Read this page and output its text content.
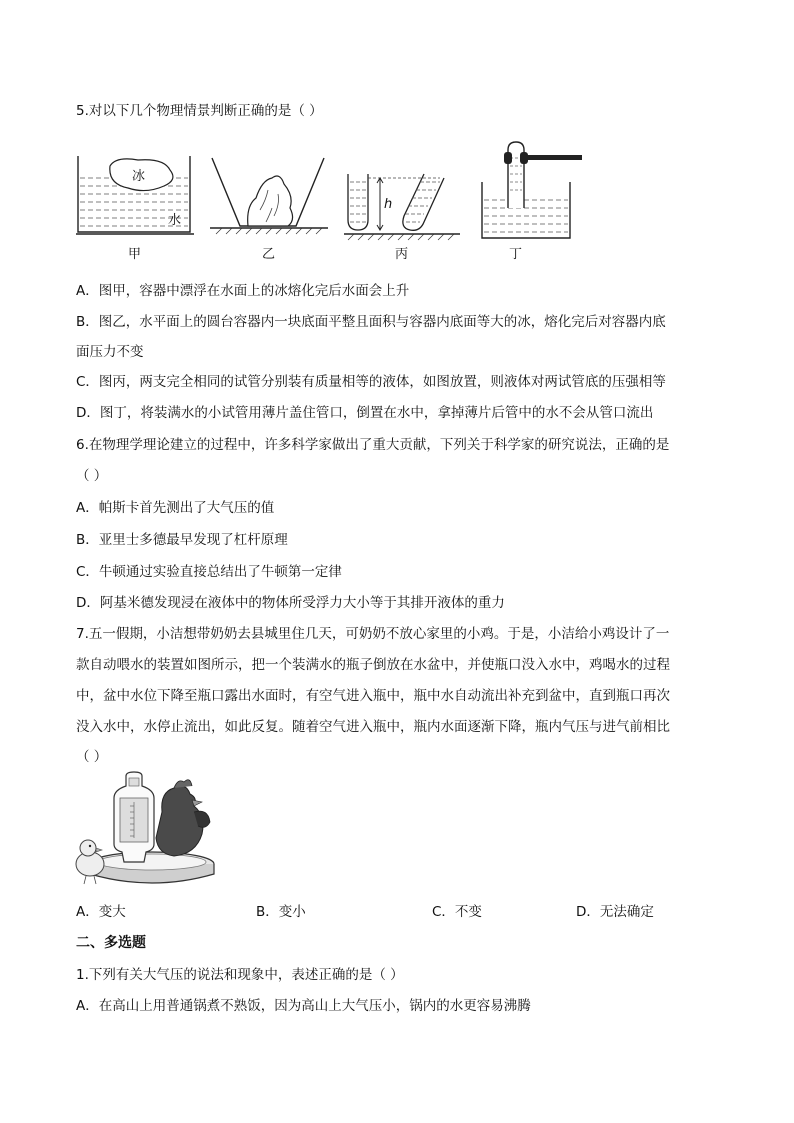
5.对以下几个物理情景判断正确的是（ ）
冰
水
甲	乙
h
丙	丁
A．图甲，容器中漂浮在水面上的冰熔化完后水面会上升
B．图乙，水平面上的圆台容器内一块底面平整且面积与容器内底面等大的冰，熔化完后对容器内底
面压力不变
C．图丙，两支完全相同的试管分别装有质量相等的液体，如图放置，则液体对两试管底的压强相等
D．图丁，将装满水的小试管用薄片盖住管口，倒置在水中，拿掉薄片后管中的水不会从管口流出
6.在物理学理论建立的过程中，许多科学家做出了重大贡献，下列关于科学家的研究说法，正确的是
（ ）
A．帕斯卡首先测出了大气压的值
B．亚里士多德最早发现了杠杆原理
C．牛顿通过实验直接总结出了牛顿第一定律
D．阿基米德发现浸在液体中的物体所受浮力大小等于其排开液体的重力
7.五一假期，小洁想带奶奶去县城里住几天，可奶奶不放心家里的小鸡。于是，小洁给小鸡设计了一
款自动喂水的装置如图所示，把一个装满水的瓶子倒放在水盆中，并使瓶口没入水中，鸡喝水的过程
中，盆中水位下降至瓶口露出水面时，有空气进入瓶中，瓶中水自动流出补充到盆中，直到瓶口再次
没入水中，水停止流出，如此反复。随着空气进入瓶中，瓶内水面逐渐下降，瓶内气压与进气前相比
（ ）
A．变大	B．变小	C．不变	D．无法确定
二、多选题
1.下列有关大气压的说法和现象中，表述正确的是（ ）
A．在高山上用普通锅煮不熟饭，因为高山上大气压小，锅内的水更容易沸腾
